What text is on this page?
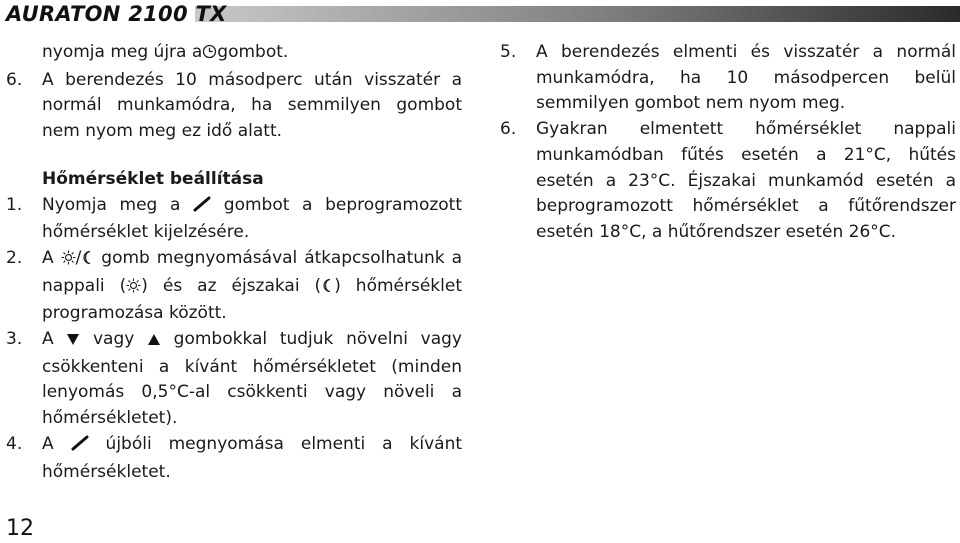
AURATON 2100 TX
nyomja meg újra a gombot.
6. A berendezés 10 másodperc után visszatér a normál munkamódra, ha semmilyen gombot nem nyom meg ez idő alatt.
Hőmérséklet beállítása
1. Nyomja meg a	gombot a beprogramozott hőmérséklet kijelzésére.
2. A / gomb megnyomásával átkapcsolhatunk a nappali ( ) és az éjszakai ( ) hőmérséklet programozása között.
3. A vagy gombokkal tudjuk növelni vagy csökkenteni a kívánt hőmérsékletet (minden lenyomás 0,5°C-al csökkenti vagy növeli a hőmérsékletet).
4. A	újbóli megnyomása elmenti a kívánt hőmérsékletet.
5. A berendezés elmenti és visszatér a normál munkamódra, ha 10 másodpercen belül semmilyen gombot nem nyom meg.
6. Gyakran elmentett hőmérséklet nappali munkamódban fűtés esetén a 21°C, hűtés esetén a 23°C. Éjszakai munkamód esetén a beprogramozott hőmérséklet a fűtőrendszer esetén 18°C, a hűtőrendszer esetén 26°C.
12
